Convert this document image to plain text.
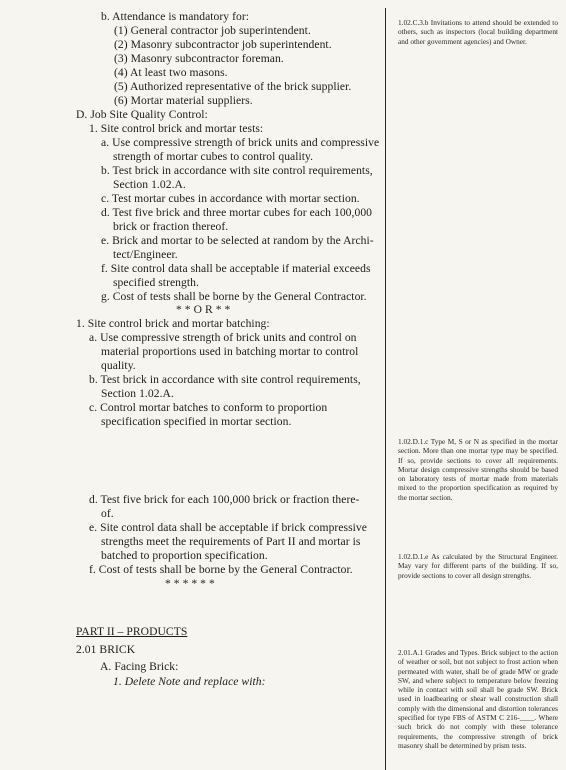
b. Attendance is mandatory for:
(1) General contractor job superintendent.
(2) Masonry subcontractor job superintendent.
(3) Masonry subcontractor foreman.
(4) At least two masons.
(5) Authorized representative of the brick supplier.
(6) Mortar material suppliers.
D. Job Site Quality Control:
1. Site control brick and mortar tests:
a. Use compressive strength of brick units and compressive
strength of mortar cubes to control quality.
b. Test brick in accordance with site control requirements,
Section 1.02.A.
c. Test mortar cubes in accordance with mortar section.
d. Test five brick and three mortar cubes for each 100,000
brick or fraction thereof.
e. Brick and mortar to be selected at random by the Archi-
tect/Engineer.
f. Site control data shall be acceptable if material exceeds
specified strength.
g. Cost of tests shall be borne by the General Contractor.
* * O R * *
1. Site control brick and mortar batching:
a. Use compressive strength of brick units and control on
material proportions used in batching mortar to control
quality.
b. Test brick in accordance with site control requirements,
Section 1.02.A.
c. Control mortar batches to conform to proportion
specification specified in mortar section.
d. Test five brick for each 100,000 brick or fraction there-
of.
e. Site control data shall be acceptable if brick compressive
strengths meet the requirements of Part II and mortar is
batched to proportion specification.
f. Cost of tests shall be borne by the General Contractor.
* * * * * *
PART II – PRODUCTS
2.01 BRICK
A. Facing Brick:
1. Delete Note and replace with:

1.02.C.3.b Invitations to attend should be extended to others, such as inspectors (local building department and other government agencies) and Owner.

1.02.D.1.c Type M, S or N as specified in the mortar section. More than one mortar type may be specified. If so, provide sections to cover all requirements. Mortar design compressive strengths should be based on laboratory tests of mortar made from materials mixed to the proportion specification as required by the mortar section.

1.02.D.1.e As calculated by the Structural Engineer. May vary for different parts of the building. If so, provide sections to cover all design strengths.

2.01.A.1 Grades and Types. Brick subject to the action of weather or soil, but not subject to frost action when permeated with water, shall be of grade MW or grade SW, and where subject to temperature below freezing while in contact with soil shall be grade SW. Brick used in loadbearing or shear wall construction shall comply with the dimensional and distortion tolerances specified for type FBS of ASTM C 216-____. Where such brick do not comply with these tolerance requirements, the compressive strength of brick masonry shall be determined by prism tests.
